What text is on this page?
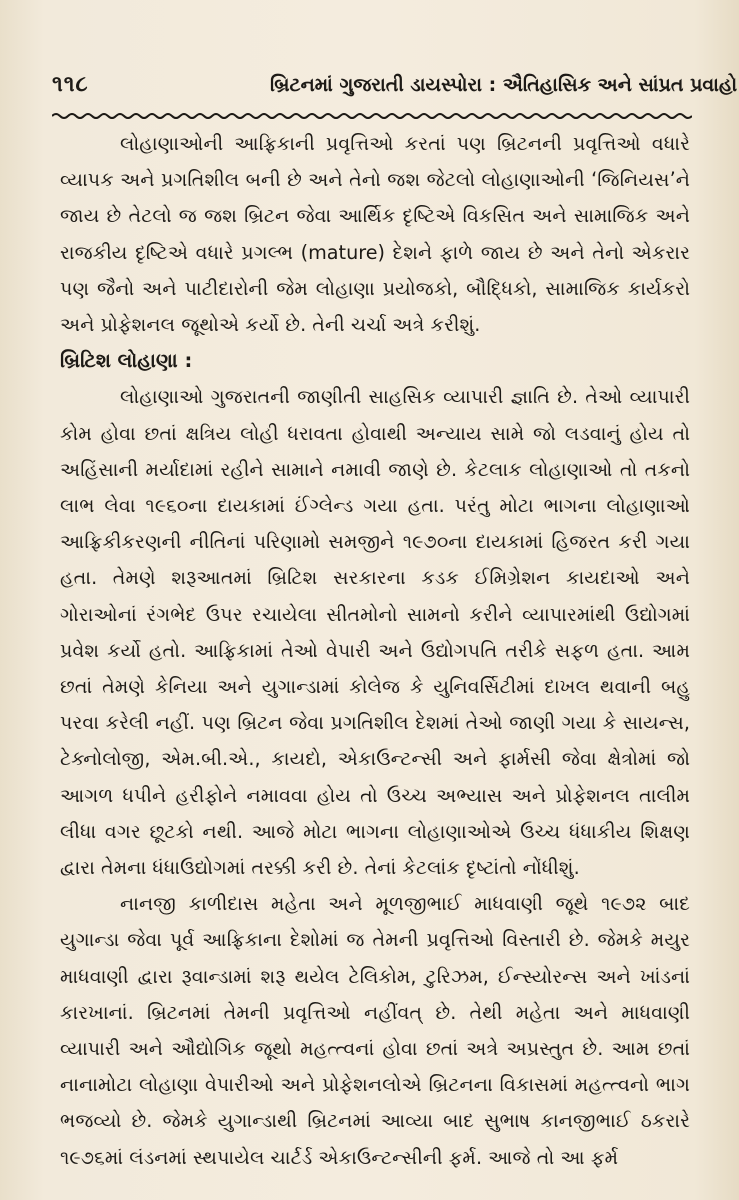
૧૧૮	બ્રિટનમાં ગુજરાતી ડાયસ્પોરા : ઐતિહાસિક અને સાંપ્રત પ્રવાહો

લોહાણાઓની આફ્રિકાની પ્રવૃત્તિઓ કરતાં પણ બ્રિટનની પ્રવૃત્તિઓ વધારે વ્યાપક અને પ્રગતિશીલ બની છે અને તેનો જશ જેટલો લોહાણાઓની ‘જિનિયસ’ને જાય છે તેટલો જ જશ બ્રિટન જેવા આર્થિક દૃષ્ટિએ વિકસિત અને સામાજિક અને રાજકીય દૃષ્ટિએ વધારે પ્રગલ્ભ (mature) દેશને ફાળે જાય છે અને તેનો એકરાર પણ જૈનો અને પાટીદારોની જેમ લોહાણા પ્રયોજકો, બૌદ્ધિકો, સામાજિક કાર્યકરો અને પ્રોફેશનલ જૂથોએ કર્યો છે. તેની ચર્ચા અત્રે કરીશું.

બ્રિટિશ લોહાણા :

લોહાણાઓ ગુજરાતની જાણીતી સાહસિક વ્યાપારી જ્ઞાતિ છે. તેઓ વ્યાપારી કોમ હોવા છતાં ક્ષત્રિય લોહી ધરાવતા હોવાથી અન્યાય સામે જો લડવાનું હોય તો અહિંસાની મર્યાદામાં રહીને સામાને નમાવી જાણે છે. કેટલાક લોહાણાઓ તો તકનો લાભ લેવા ૧૯૬૦ના દાયકામાં ઈંગ્લેન્ડ ગયા હતા. પરંતુ મોટા ભાગના લોહાણાઓ આફ્રિકીકરણની નીતિનાં પરિણામો સમજીને ૧૯૭૦ના દાયકામાં હિજરત કરી ગયા હતા. તેમણે શરૂઆતમાં બ્રિટિશ સરકારના કડક ઈમિગ્રેશન કાયદાઓ અને ગોરાઓનાં રંગભેદ ઉપર રચાયેલા સીતમોનો સામનો કરીને વ્યાપારમાંથી ઉદ્યોગમાં પ્રવેશ કર્યો હતો. આફ્રિકામાં તેઓ વેપારી અને ઉદ્યોગપતિ તરીકે સફળ હતા. આમ છતાં તેમણે કેનિયા અને યુગાન્ડામાં કોલેજ કે યુનિવર્સિટીમાં દાખલ થવાની બહુ પરવા કરેલી નહીં. પણ બ્રિટન જેવા પ્રગતિશીલ દેશમાં તેઓ જાણી ગયા કે સાયન્સ, ટેક્નોલોજી, એમ.બી.એ., કાયદો, એકાઉન્ટન્સી અને ફાર્મસી જેવા ક્ષેત્રોમાં જો આગળ ધપીને હરીફોને નમાવવા હોય તો ઉચ્ચ અભ્યાસ અને પ્રોફેશનલ તાલીમ લીધા વગર છૂટકો નથી. આજે મોટા ભાગના લોહાણાઓએ ઉચ્ચ ધંધાકીય શિક્ષણ દ્વારા તેમના ધંધાઉદ્યોગમાં તરક્કી કરી છે. તેનાં કેટલાંક દૃષ્ટાંતો નોંધીશું.

નાનજી કાળીદાસ મહેતા અને મૂળજીભાઈ માધવાણી જૂથે ૧૯૭૨ બાદ યુગાન્ડા જેવા પૂર્વ આફ્રિકાના દેશોમાં જ તેમની પ્રવૃત્તિઓ વિસ્તારી છે. જેમકે મયુર માધવાણી દ્વારા રૂવાન્ડામાં શરૂ થયેલ ટેલિકોમ, ટુરિઝમ, ઈન્સ્યોરન્સ અને ખાંડનાં કારખાનાં. બ્રિટનમાં તેમની પ્રવૃત્તિઓ નહીંવત્ છે. તેથી મહેતા અને માધવાણી વ્યાપારી અને ઔદ્યોગિક જૂથો મહત્ત્વનાં હોવા છતાં અત્રે અપ્રસ્તુત છે. આમ છતાં નાનામોટા લોહાણા વેપારીઓ અને પ્રોફેશનલોએ બ્રિટનના વિકાસમાં મહત્ત્વનો ભાગ ભજવ્યો છે. જેમકે યુગાન્ડાથી બ્રિટનમાં આવ્યા બાદ સુભાષ કાનજીભાઈ ઠકરારે ૧૯૭૬માં લંડનમાં સ્થપાયેલ ચાર્ટર્ડ એકાઉન્ટન્સીની ફર્મ. આજે તો આ ફર્મ
